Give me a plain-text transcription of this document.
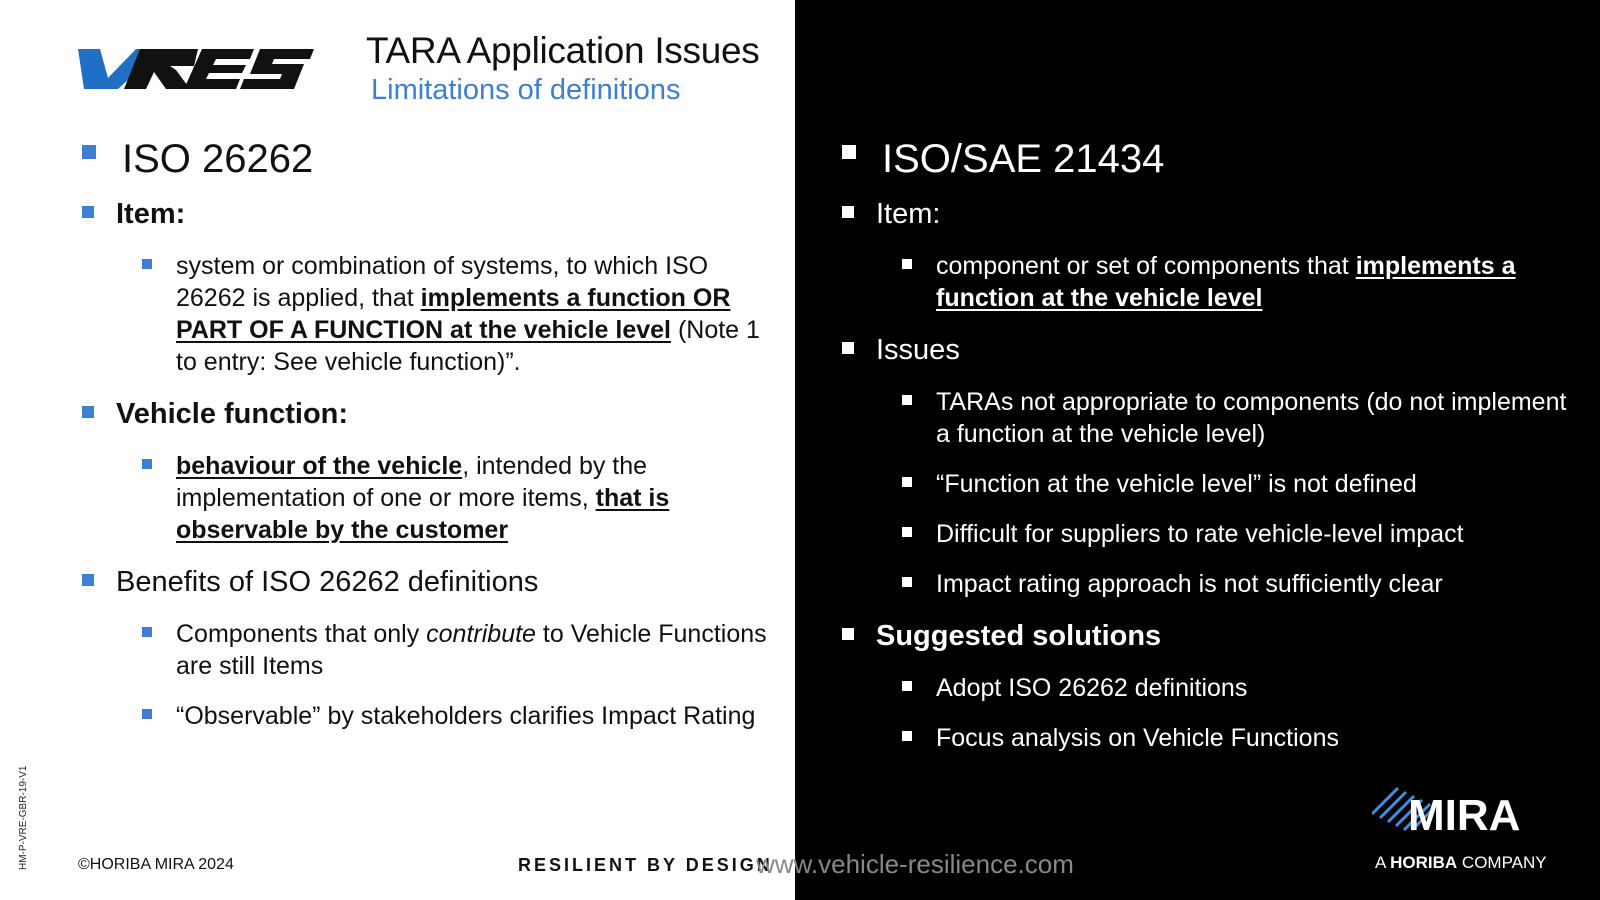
TARA Application Issues
Limitations of definitions
ISO 26262
Item:
system or combination of systems, to which ISO 26262 is applied, that implements a function OR PART OF A FUNCTION at the vehicle level (Note 1 to entry: See vehicle function)”.
Vehicle function:
behaviour of the vehicle, intended by the implementation of one or more items, that is observable by the customer
Benefits of ISO 26262 definitions
Components that only contribute to Vehicle Functions are still Items
“Observable” by stakeholders clarifies Impact Rating
ISO/SAE 21434
Item:
component or set of components that implements a function at the vehicle level
Issues
TARAs not appropriate to components (do not implement a function at the vehicle level)
“Function at the vehicle level” is not defined
Difficult for suppliers to rate vehicle-level impact
Impact rating approach is not sufficiently clear
Suggested solutions
Adopt ISO 26262 definitions
Focus analysis on Vehicle Functions
©HORIBA MIRA 2024	RESILIENT BY DESIGN
www.vehicle-resilience.com
HM-P-VRE-GBR-19-V1	MIRA
A HORIBA COMPANY
